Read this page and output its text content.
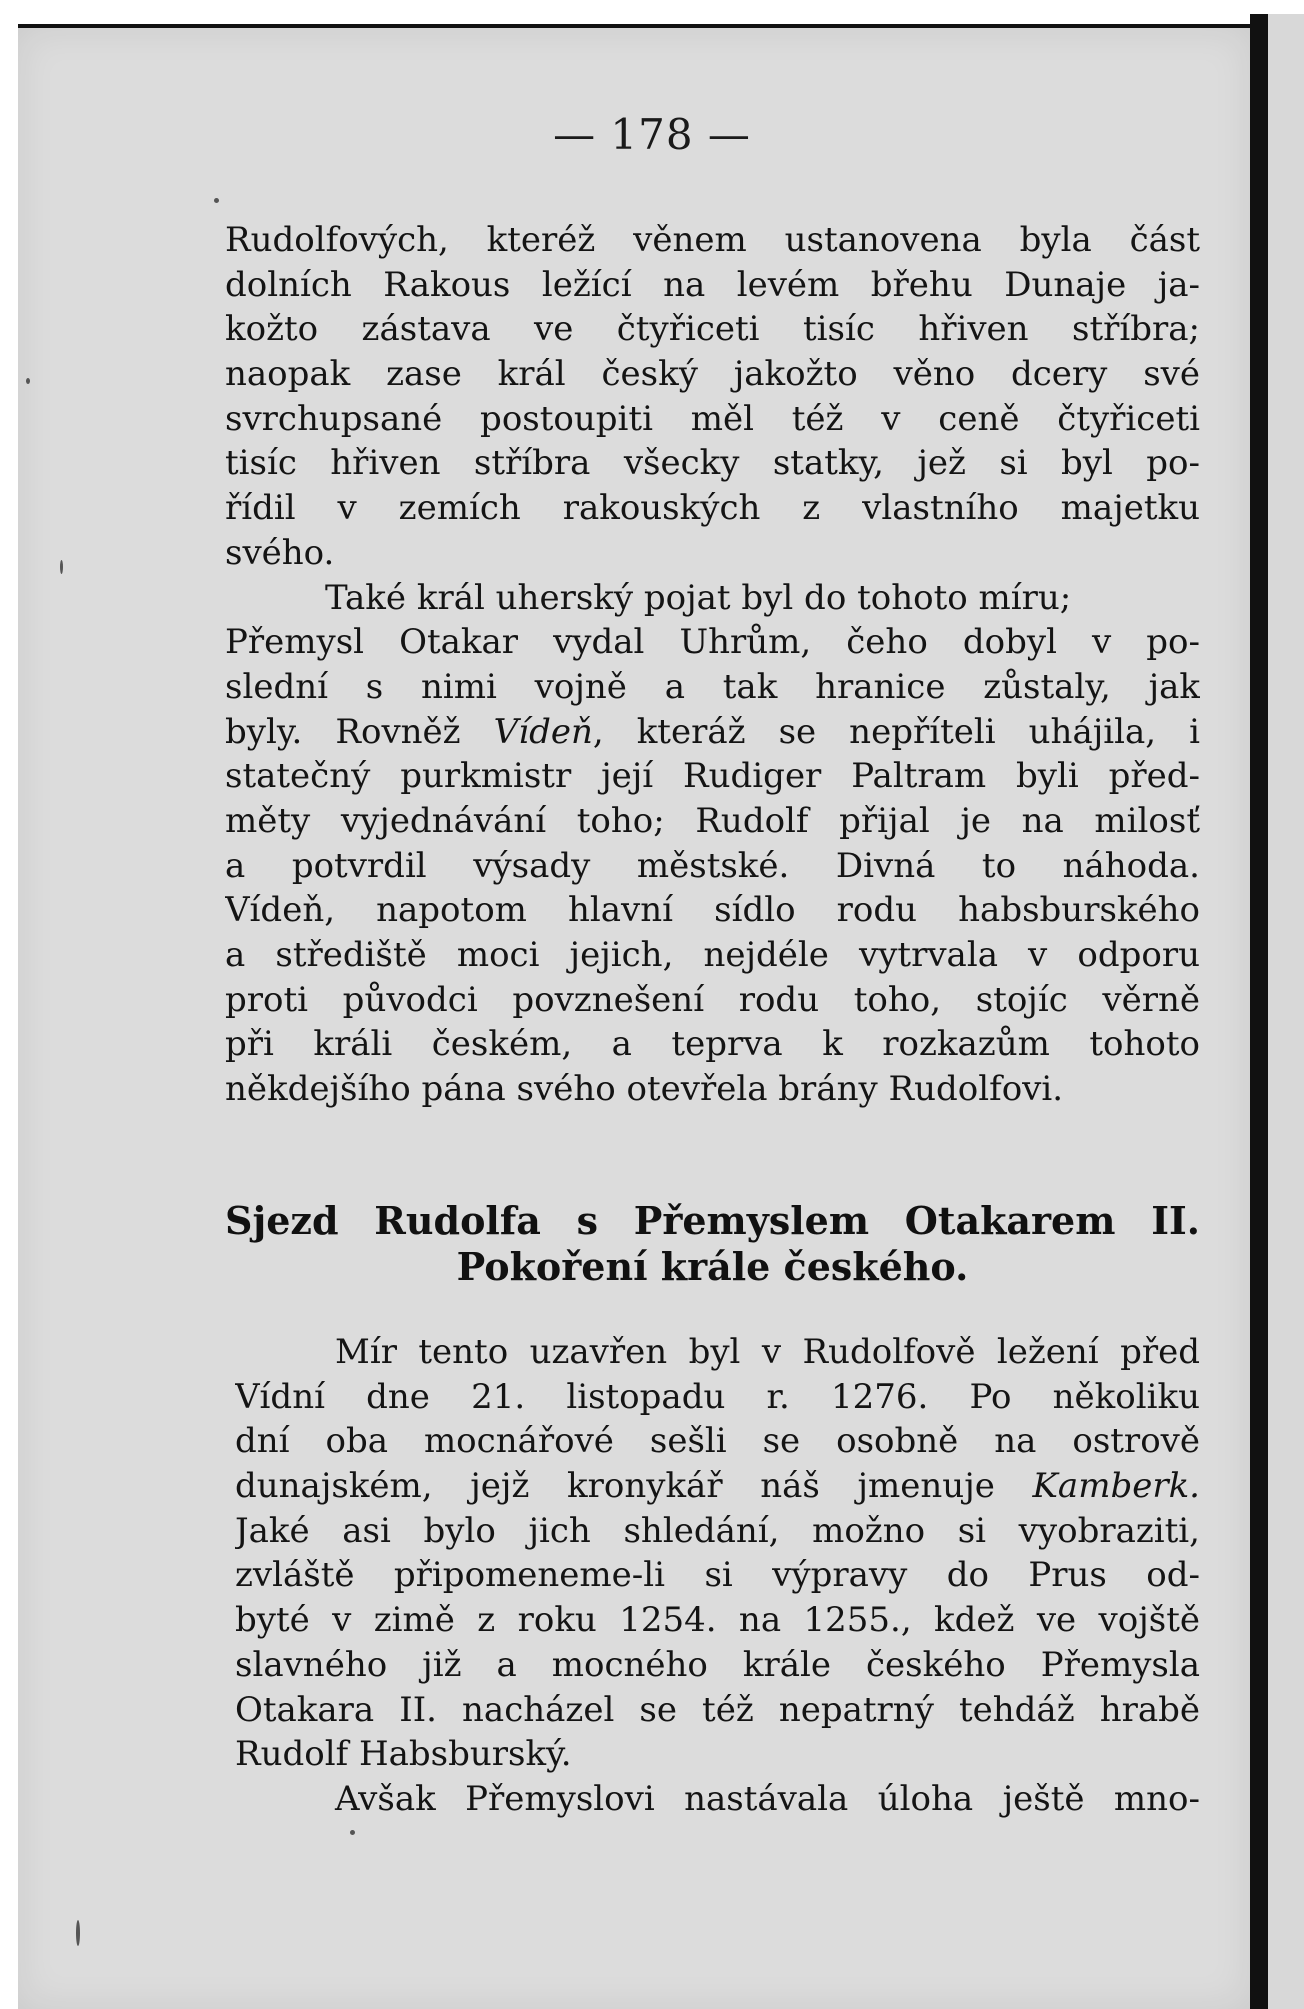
— 178 —
Rudolfových, kteréž věnem ustanovena byla část
dolních Rakous ležící na levém břehu Dunaje ja-
kožto zástava ve čtyřiceti tisíc hřiven stříbra;
naopak zase král český jakožto věno dcery své
svrchupsané postoupiti měl též v ceně čtyřiceti
tisíc hřiven stříbra všecky statky, jež si byl po-
řídil v zemích rakouských z vlastního majetku
svého.
Také král uherský pojat byl do tohoto míru;
Přemysl Otakar vydal Uhrům, čeho dobyl v po-
slední s nimi vojně a tak hranice zůstaly, jak
byly. Rovněž Vídeň, kteráž se nepříteli uhájila, i
statečný purkmistr její Rudiger Paltram byli před-
měty vyjednávání toho; Rudolf přijal je na milosť
a potvrdil výsady městské. Divná to náhoda.
Vídeň, napotom hlavní sídlo rodu habsburského
a střediště moci jejich, nejdéle vytrvala v odporu
proti původci povznešení rodu toho, stojíc věrně
při králi českém, a teprva k rozkazům tohoto
někdejšího pána svého otevřela brány Rudolfovi.
Sjezd Rudolfa s Přemyslem Otakarem II.
Pokoření krále českého.
Mír tento uzavřen byl v Rudolfově ležení před
Vídní dne 21. listopadu r. 1276. Po několiku
dní oba mocnářové sešli se osobně na ostrově
dunajském, jejž kronykář náš jmenuje Kamberk.
Jaké asi bylo jich shledání, možno si vyobraziti,
zvláště připomeneme-li si výpravy do Prus od-
byté v zimě z roku 1254. na 1255., kdež ve vojště
slavného již a mocného krále českého Přemysla
Otakara II. nacházel se též nepatrný tehdáž hrabě
Rudolf Habsburský.
Avšak Přemyslovi nastávala úloha ještě mno-
